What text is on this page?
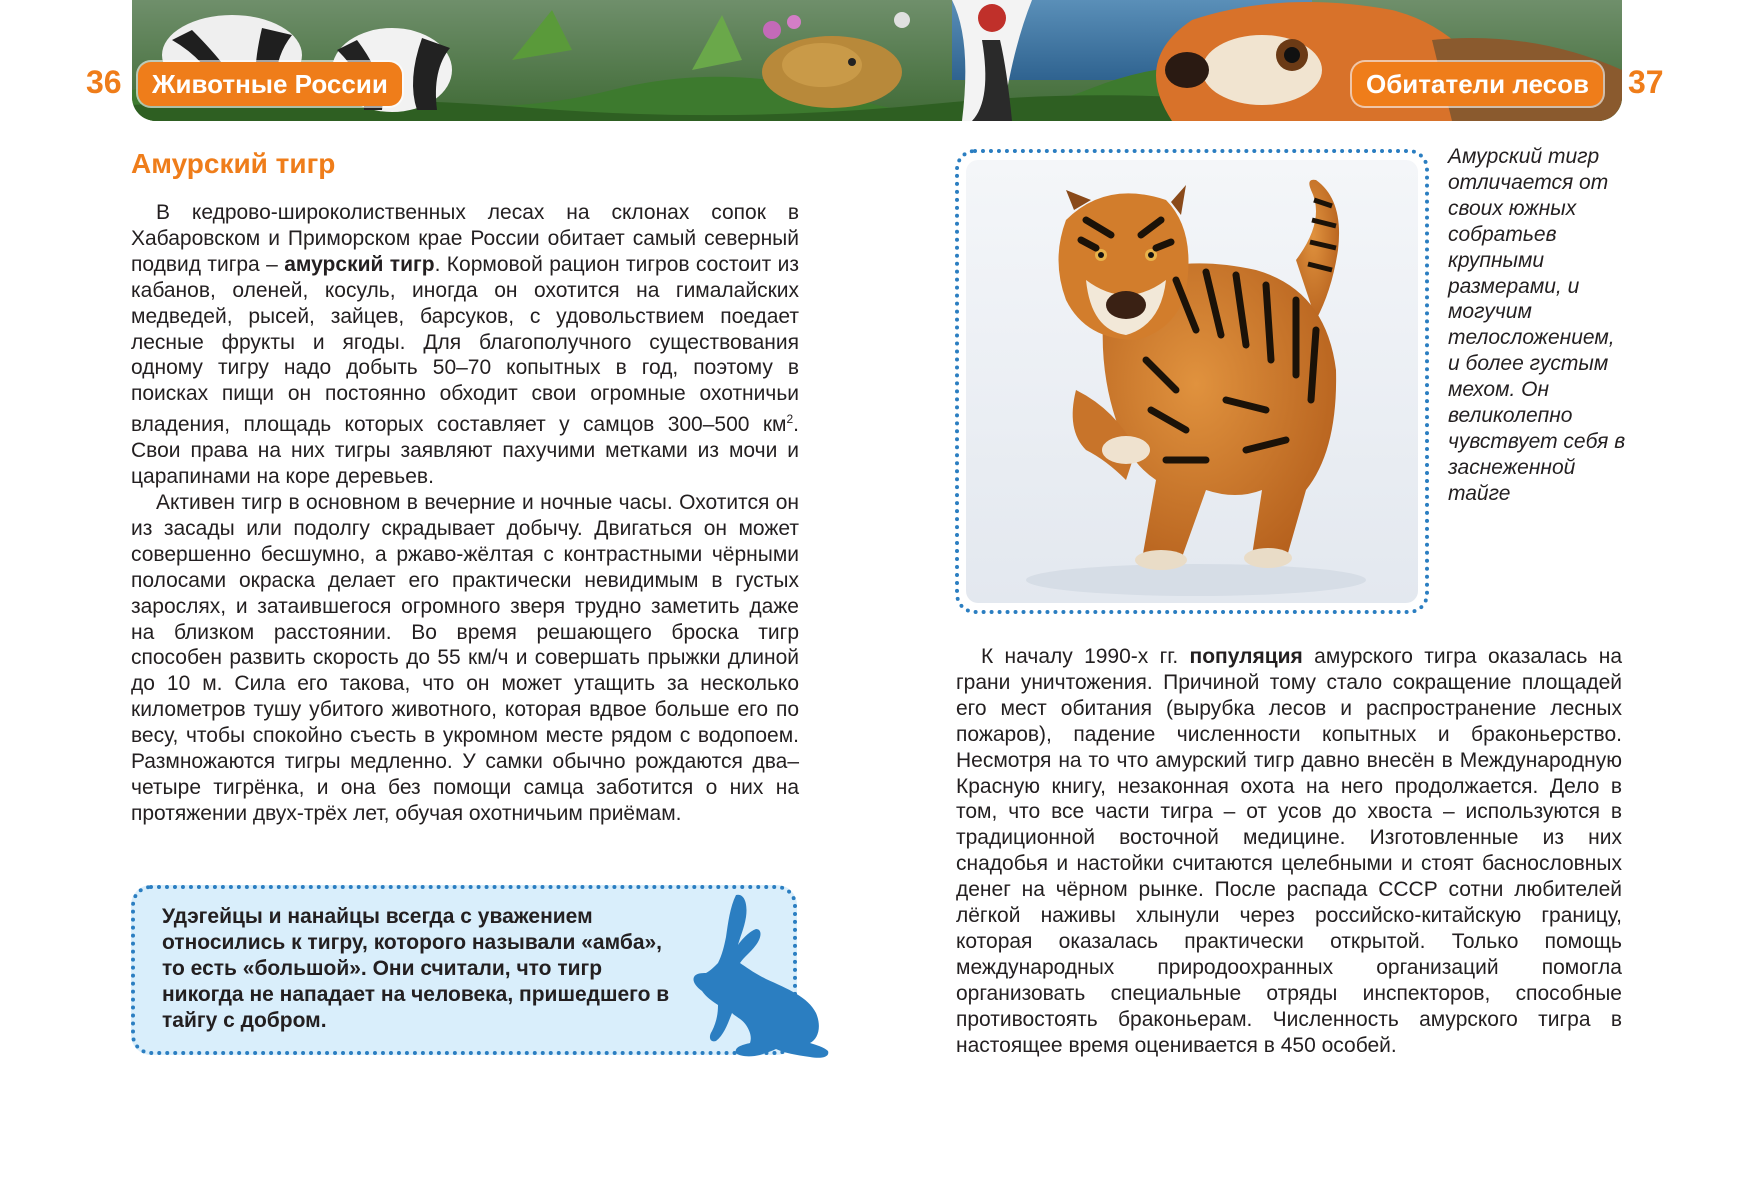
36	Животные России	Обитатели лесов	37
Амурский тигр

В кедрово-широколиственных лесах на склонах сопок в Хабаровском и Приморском крае России обитает самый северный подвид тигра – амурский тигр. Кормовой рацион тигров состоит из кабанов, оленей, косуль, иногда он охотится на гималайских медведей, рысей, зайцев, барсуков, с удовольствием поедает лесные фрукты и ягоды. Для благополучного существования одному тигру надо добыть 50–70 копытных в год, поэтому в поисках пищи он постоянно обходит свои огромные охотничьи владения, площадь которых составляет у самцов 300–500 $км^2$. Свои права на них тигры заявляют пахучими метками из мочи и царапинами на коре деревьев.

Активен тигр в основном в вечерние и ночные часы. Охотится он из засады или подолгу скрадывает добычу. Двигаться он может совершенно бесшумно, а ржаво-жёлтая с контрастными чёрными полосами окраска делает его практически невидимым в густых зарослях, и затаившегося огромного зверя трудно заметить даже на близком расстоянии. Во время решающего броска тигр способен развить скорость до 55 км/ч и совершать прыжки длиной до 10 м. Сила его такова, что он может утащить за несколько километров тушу убитого животного, которая вдвое больше его по весу, чтобы спокойно съесть в укромном месте рядом с водопоем. Размножаются тигры медленно. У самки обычно рождаются два–четыре тигрёнка, и она без помощи самца заботится о них на протяжении двух-трёх лет, обучая охотничьим приёмам.

Удэгейцы и нанайцы всегда с уважением относились к тигру, которого называли «амба», то есть «большой». Они считали, что тигр никогда не нападает на человека, пришедшего в тайгу с добром.
Амурский тигр отличается от своих южных собратьев крупными размерами, и могучим телосложением, и более густым мехом. Он великолепно чувствует себя в заснеженной тайге

К началу 1990-х гг. популяция амурского тигра оказалась на грани уничтожения. Причиной тому стало сокращение площадей его мест обитания (вырубка лесов и распространение лесных пожаров), падение численности копытных и браконьерство. Несмотря на то что амурский тигр давно внесён в Международную Красную книгу, незаконная охота на него продолжается. Дело в том, что все части тигра – от усов до хвоста – используются в традиционной восточной медицине. Изготовленные из них снадобья и настойки считаются целебными и стоят баснословных денег на чёрном рынке. После распада СССР сотни любителей лёгкой наживы хлынули через российско-китайскую границу, которая оказалась практически открытой. Только помощь международных природоохранных организаций помогла организовать специальные отряды инспекторов, способные противостоять браконьерам. Численность амурского тигра в настоящее время оценивается в 450 особей.
